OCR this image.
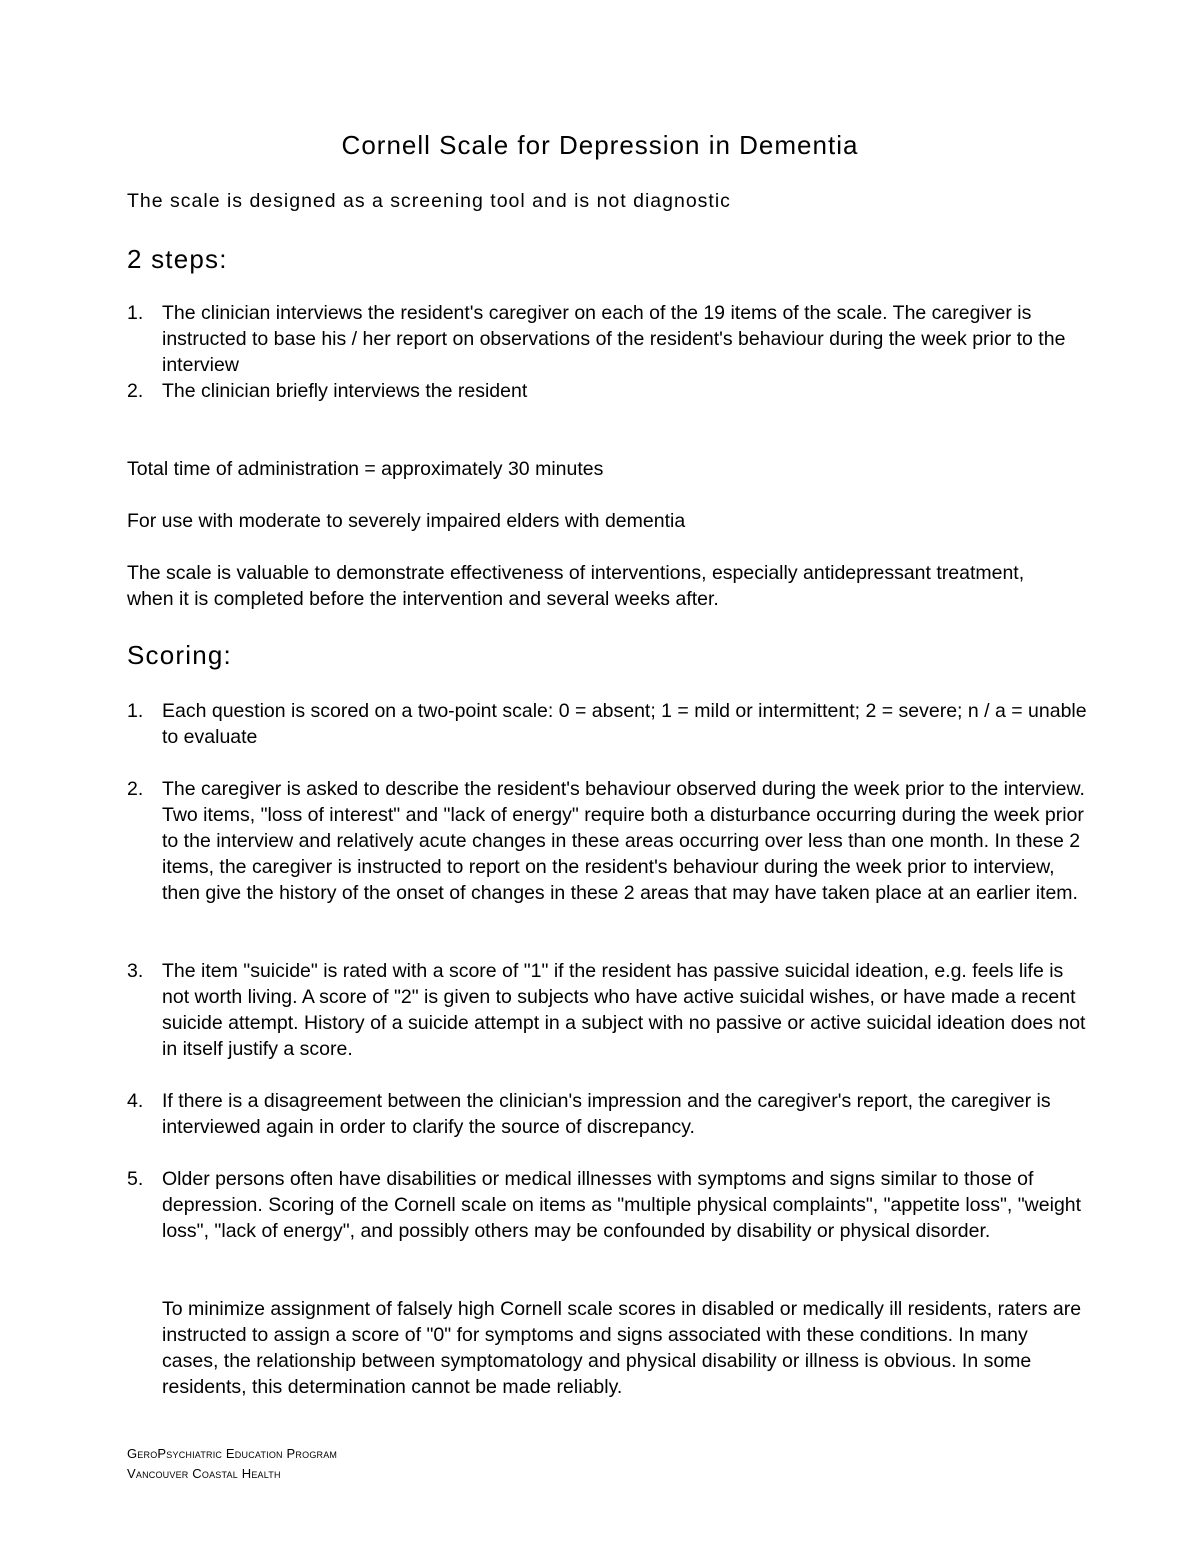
Cornell Scale for Depression in Dementia
The scale is designed as a screening tool and is not diagnostic
2 steps:
1. The clinician interviews the resident's caregiver on each of the 19 items of the scale. The caregiver is instructed to base his / her report on observations of the resident's behaviour during the week prior to the interview
2. The clinician briefly interviews the resident
Total time of administration = approximately 30 minutes
For use with moderate to severely impaired elders with dementia
The scale is valuable to demonstrate effectiveness of interventions, especially antidepressant treatment, when it is completed before the intervention and several weeks after.
Scoring:
1. Each question is scored on a two-point scale: 0 = absent; 1 = mild or intermittent; 2 = severe; n / a = unable to evaluate
2. The caregiver is asked to describe the resident's behaviour observed during the week prior to the interview. Two items, "loss of interest" and "lack of energy" require both a disturbance occurring during the week prior to the interview and relatively acute changes in these areas occurring over less than one month. In these 2 items, the caregiver is instructed to report on the resident's behaviour during the week prior to interview, then give the history of the onset of changes in these 2 areas that may have taken place at an earlier item.
3. The item "suicide" is rated with a score of "1" if the resident has passive suicidal ideation, e.g. feels life is not worth living. A score of "2" is given to subjects who have active suicidal wishes, or have made a recent suicide attempt. History of a suicide attempt in a subject with no passive or active suicidal ideation does not in itself justify a score.
4. If there is a disagreement between the clinician's impression and the caregiver's report, the caregiver is interviewed again in order to clarify the source of discrepancy.
5. Older persons often have disabilities or medical illnesses with symptoms and signs similar to those of depression. Scoring of the Cornell scale on items as "multiple physical complaints", "appetite loss", "weight loss", "lack of energy", and possibly others may be confounded by disability or physical disorder.
To minimize assignment of falsely high Cornell scale scores in disabled or medically ill residents, raters are instructed to assign a score of "0" for symptoms and signs associated with these conditions. In many cases, the relationship between symptomatology and physical disability or illness is obvious. In some residents, this determination cannot be made reliably.
GeroPsychiatric Education Program
Vancouver Coastal Health
